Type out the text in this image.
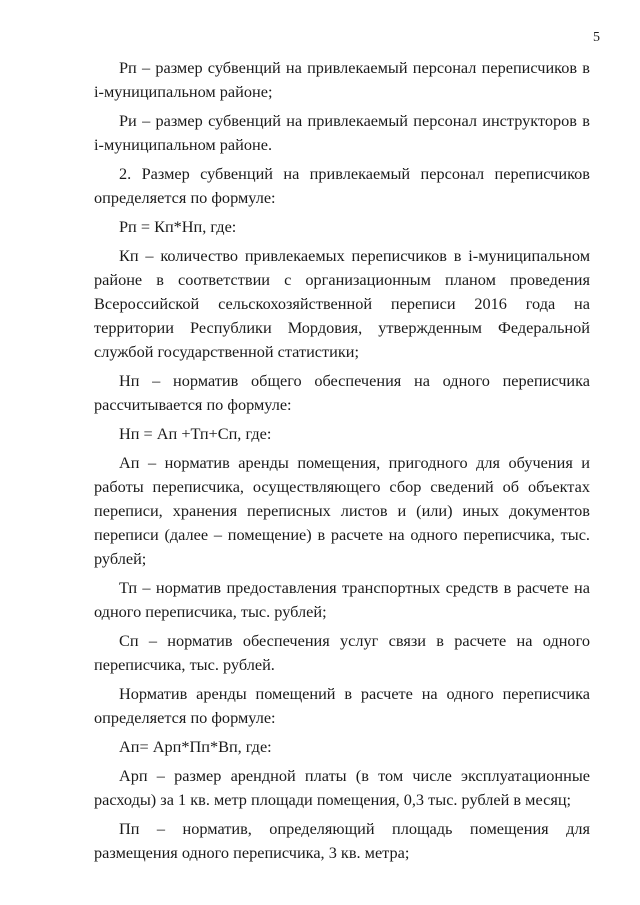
5

Рп – размер субвенций на привлекаемый персонал переписчиков в i-муниципальном районе;

Ри – размер субвенций на привлекаемый персонал инструкторов в i-муниципальном районе.

2. Размер субвенций на привлекаемый персонал переписчиков определяется по формуле:

Рп = Кп*Нп, где:

Кп – количество привлекаемых переписчиков в i-муниципальном районе в соответствии с организационным планом проведения Всероссийской сельскохозяйственной переписи 2016 года на территории Республики Мордовия, утвержденным Федеральной службой государственной статистики;

Нп – норматив общего обеспечения на одного переписчика рассчитывается по формуле:

Нп = Ап +Тп+Сп, где:

Ап – норматив аренды помещения, пригодного для обучения и работы переписчика, осуществляющего сбор сведений об объектах переписи, хранения переписных листов и (или) иных документов переписи (далее – помещение) в расчете на одного переписчика, тыс. рублей;

Тп – норматив предоставления транспортных средств в расчете на одного переписчика, тыс. рублей;

Сп – норматив обеспечения услуг связи в расчете на одного переписчика, тыс. рублей.

Норматив аренды помещений в расчете на одного переписчика определяется по формуле:

Ап= Арп*Пп*Вп, где:

Арп – размер арендной платы (в том числе эксплуатационные расходы) за 1 кв. метр площади помещения, 0,3 тыс. рублей в месяц;

Пп – норматив, определяющий площадь помещения для размещения одного переписчика, 3 кв. метра;
